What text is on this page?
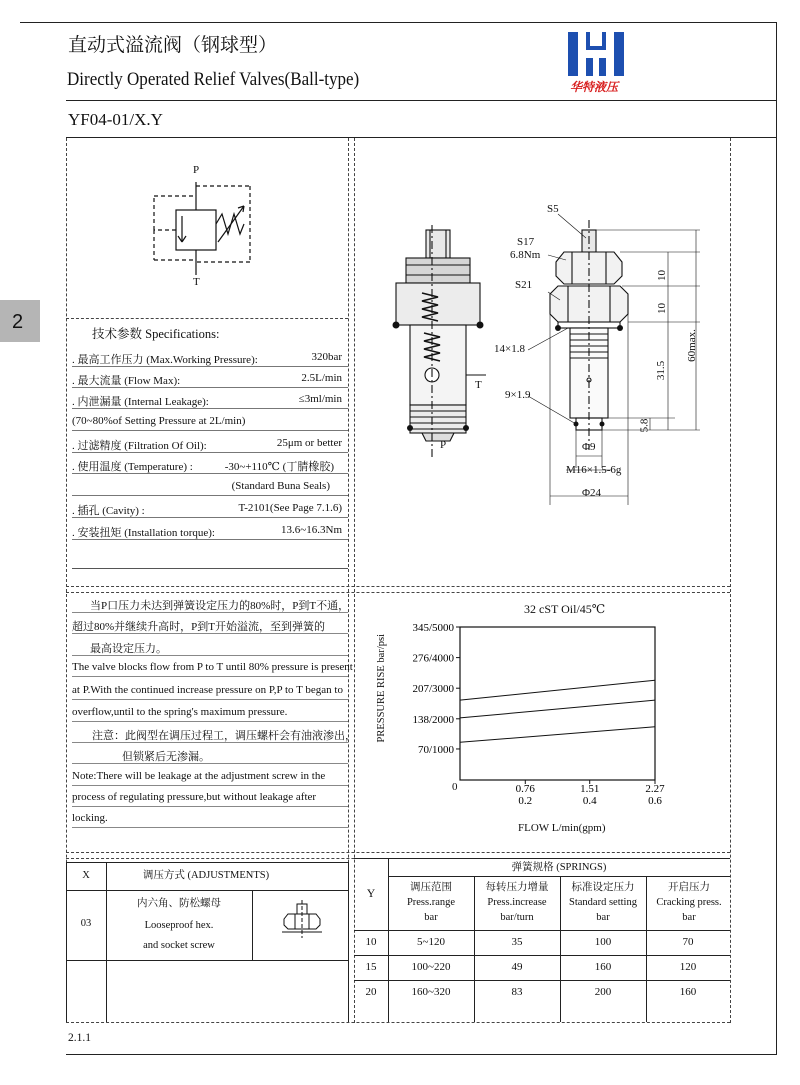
直动式溢流阀（钢球型）
Directly Operated Relief Valves(Ball-type)
YF04-01/X.Y
华特液压
2
P
T
技术参数 Specifications:
. 最高工作压力 (Max.Working Pressure):	320bar
. 最大流量 (Flow Max):	2.5L/min
. 内泄漏量 (Internal Leakage):	≤3ml/min
(70~80%of Setting Pressure at 2L/min)
. 过滤精度 (Filtration Of Oil):	25μm or better
. 使用温度 (Temperature) :	-30~+110℃ (丁腈橡胶)
(Standard Buna Seals)
. 插孔 (Cavity) :	T-2101(See Page 7.1.6)
. 安装扭矩 (Installation torque):	13.6~16.3Nm
T
P
S5
S17
6.8Nm
S21
14×1.8
9×1.9
Φ9
M16×1.5-6g
Φ24
10
10
31.5
5.8
60max.
当P口压力未达到弹簧设定压力的80%时，P到T不通，
超过80%并继续升高时，P到T开始溢流，至到弹簧的
最高设定压力。
The valve blocks flow from P to T until 80% pressure is present
at P.With the continued increase pressure on P,P to T began to
overflow,until to the spring's maximum pressure.
注意：此阀型在调压过程工，调压螺杆会有油液渗出，
但锁紧后无渗漏。
Note:There will be leakage at the adjustment screw in the
process of regulating pressure,but without leakage after
locking.
32 cST Oil/45℃
PRESSURE RISE bar/psi
FLOW L/min(gpm)
0
70/1000
138/2000
207/3000
276/4000
345/5000
0.76
0.2
1.51
0.4
2.27
0.6
X	调压方式 (ADJUSTMENTS)
03
内六角、防松螺母
Looseproof hex.
and socket screw
弹簧规格 (SPRINGS)
Y
调压范围
Press.range
bar
每转压力增量
Press.increase
bar/turn
标准设定压力
Standard setting
bar
开启压力
Cracking press.
bar
10	5~120	35	100	70
15	100~220	49	160	120
20	160~320	83	200	160
2.1.1
